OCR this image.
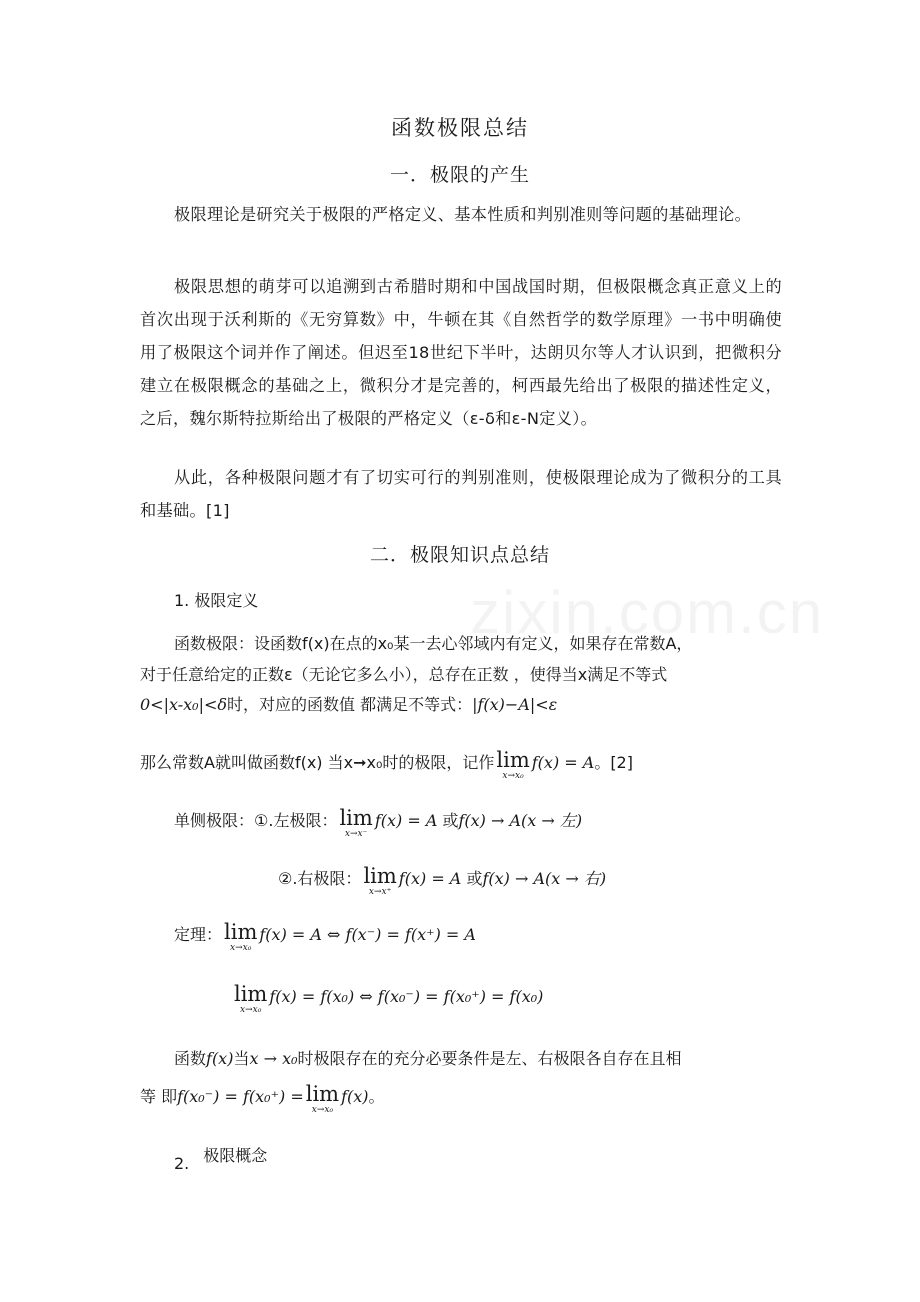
函数极限总结
一．极限的产生
极限理论是研究关于极限的严格定义、基本性质和判别准则等问题的基础理论。
极限思想的萌芽可以追溯到古希腊时期和中国战国时期，但极限概念真正意义上的首次出现于沃利斯的《无穷算数》中，牛顿在其《自然哲学的数学原理》一书中明确使用了极限这个词并作了阐述。但迟至18世纪下半叶，达朗贝尔等人才认识到，把微积分建立在极限概念的基础之上，微积分才是完善的，柯西最先给出了极限的描述性定义，之后，魏尔斯特拉斯给出了极限的严格定义（ε-δ和ε-N定义）。
从此，各种极限问题才有了切实可行的判别准则，使极限理论成为了微积分的工具和基础。[1]
二．极限知识点总结
1. 极限定义
函数极限：设函数f(x)在点的x₀某一去心邻域内有定义，如果存在常数A，
对于任意给定的正数ε（无论它多么小），总存在正数 ，使得当x满足不等式
0<|x-x₀|<δ时，对应的函数值 都满足不等式：|f(x)−A|<ε
那么常数A就叫做函数f(x) 当x➞x₀时的极限，记作 lim
x→x₀
f(x) = A。[2]
单侧极限：①.左极限： lim
x→x⁻
f(x) = A 或f(x) → A(x → 左)
②.右极限： lim
x→x⁺
f(x) = A 或f(x) → A(x → 右)
定理： lim
x→x₀
f(x) = A ⇔ f(x⁻) = f(x⁺) = A
lim
x→x₀
f(x) = f(x₀) ⇔ f(x₀⁻) = f(x₀⁺) = f(x₀)
函数f(x)当x → x₀时极限存在的充分必要条件是左、右极限各自存在且相
等 即f(x₀⁻) = f(x₀⁺) = lim
x→x₀
f(x)。
2. 极限概念
